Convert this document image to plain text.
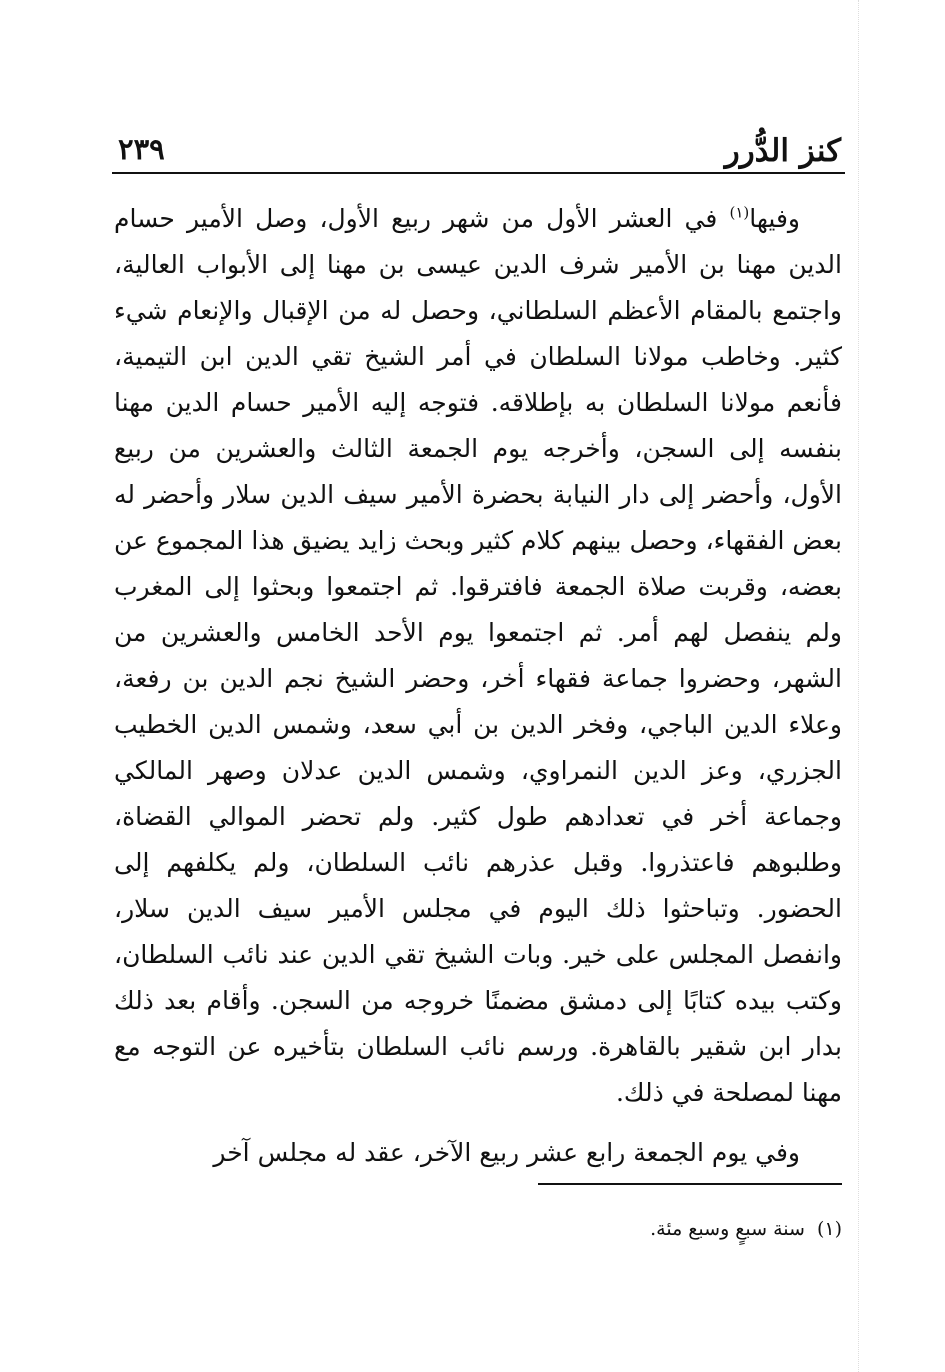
كنز الدُّرر
٢٣٩

وفيها$^{(١)}$ في العشر الأول من شهر ربيع الأول، وصل الأمير حسام الدين مهنا بن الأمير شرف الدين عيسى بن مهنا إلى الأبواب العالية، واجتمع بالمقام الأعظم السلطاني، وحصل له من الإقبال والإنعام شيء كثير. وخاطب مولانا السلطان في أمر الشيخ تقي الدين ابن التيمية، فأنعم مولانا السلطان به بإطلاقه. فتوجه إليه الأمير حسام الدين مهنا بنفسه إلى السجن، وأخرجه يوم الجمعة الثالث والعشرين من ربيع الأول، وأحضر إلى دار النيابة بحضرة الأمير سيف الدين سلار وأحضر له بعض الفقهاء، وحصل بينهم كلام كثير وبحث زايد يضيق هذا المجموع عن بعضه، وقربت صلاة الجمعة فافترقوا. ثم اجتمعوا وبحثوا إلى المغرب ولم ينفصل لهم أمر. ثم اجتمعوا يوم الأحد الخامس والعشرين من الشهر، وحضروا جماعة فقهاء أخر، وحضر الشيخ نجم الدين بن رفعة، وعلاء الدين الباجي، وفخر الدين بن أبي سعد، وشمس الدين الخطيب الجزري، وعز الدين النمراوي، وشمس الدين عدلان وصهر المالكي وجماعة أخر في تعدادهم طول كثير. ولم تحضر الموالي القضاة، وطلبوهم فاعتذروا. وقبل عذرهم نائب السلطان، ولم يكلفهم إلى الحضور. وتباحثوا ذلك اليوم في مجلس الأمير سيف الدين سلار، وانفصل المجلس على خير. وبات الشيخ تقي الدين عند نائب السلطان، وكتب بيده كتابًا إلى دمشق مضمنًا خروجه من السجن. وأقام بعد ذلك بدار ابن شقير بالقاهرة. ورسم نائب السلطان بتأخيره عن التوجه مع مهنا لمصلحة في ذلك.

وفي يوم الجمعة رابع عشر ربيع الآخر، عقد له مجلس آخر

(١)سنة سبعٍ وسبع مئة.
